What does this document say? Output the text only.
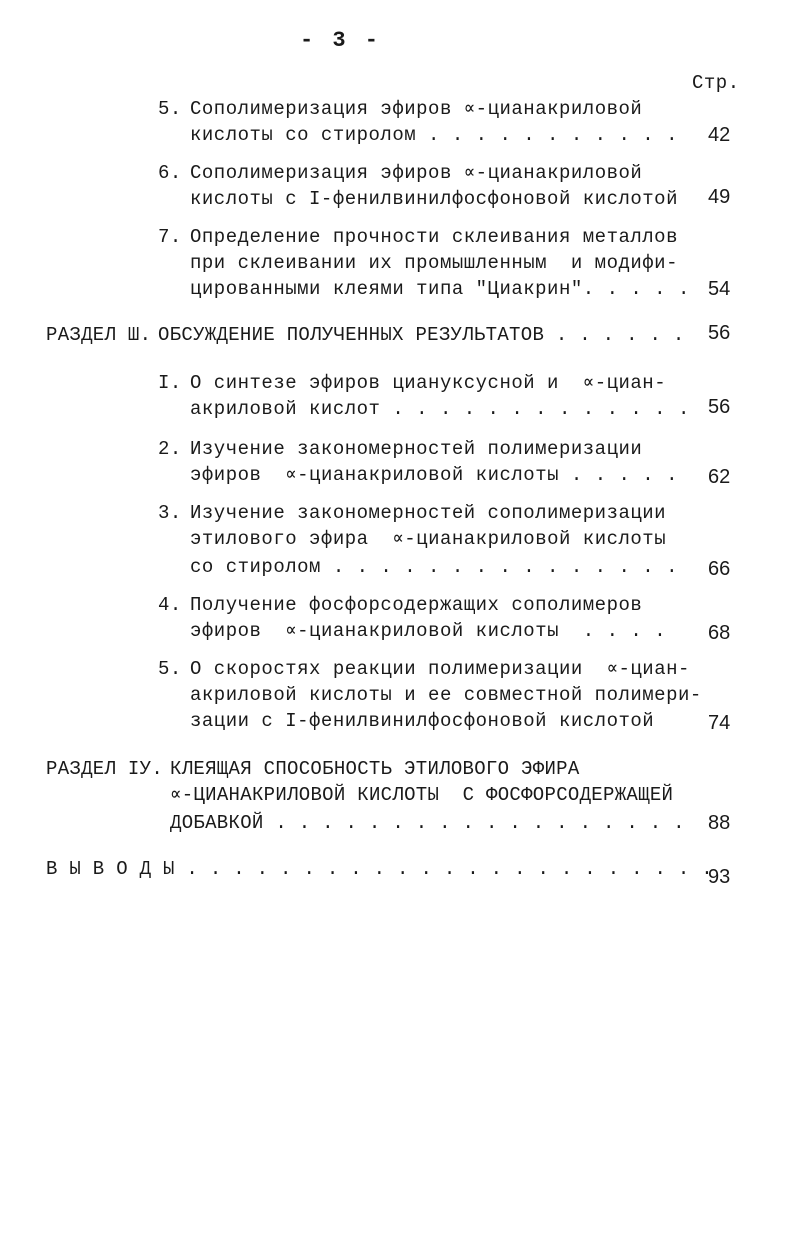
- 3 -
Стр.
5. Сополимеризация эфиров ∝-цианакриловой
кислоты со стиролом . . . . . . . . . . . 42
6. Сополимеризация эфиров ∝-цианакриловой
кислоты с I-фенилвинилфосфоновой кислотой 49
7. Определение прочности склеивания металлов
при склеивании их промышленным  и модифи-
цированными клеями типа "Циакрин". . . . . 54
РАЗДЕЛ Ш. ОБСУЖДЕНИЕ ПОЛУЧЕННЫХ РЕЗУЛЬТАТОВ . . . . . . 56
I. О синтезе эфиров циануксусной и  ∝-циан-
акриловой кислот . . . . . . . . . . . . . 56
2. Изучение закономерностей полимеризации
эфиров  ∝-цианакриловой кислоты . . . . . 62
3. Изучение закономерностей сополимеризации
этилового эфира  ∝-цианакриловой кислоты
со стиролом . . . . . . . . . . . . . . . 66
4. Получение фосфорсодержащих сополимеров
эфиров  ∝-цианакриловой кислоты  . . . . 68
5. О скоростях реакции полимеризации  ∝-циан-
акриловой кислоты и ее совместной полимери-
зации с I-фенилвинилфосфоновой кислотой	74
РАЗДЕЛ IУ. КЛЕЯЩАЯ СПОСОБНОСТЬ ЭТИЛОВОГО ЭФИРА
∝-ЦИАНАКРИЛОВОЙ КИСЛОТЫ  С ФОСФОРСОДЕРЖАЩЕЙ
ДОБАВКОЙ . . . . . . . . . . . . . . . . . . 88
В Ы В О Д Ы . . . . . . . . . . . . . . . . . . . . . . .
93
